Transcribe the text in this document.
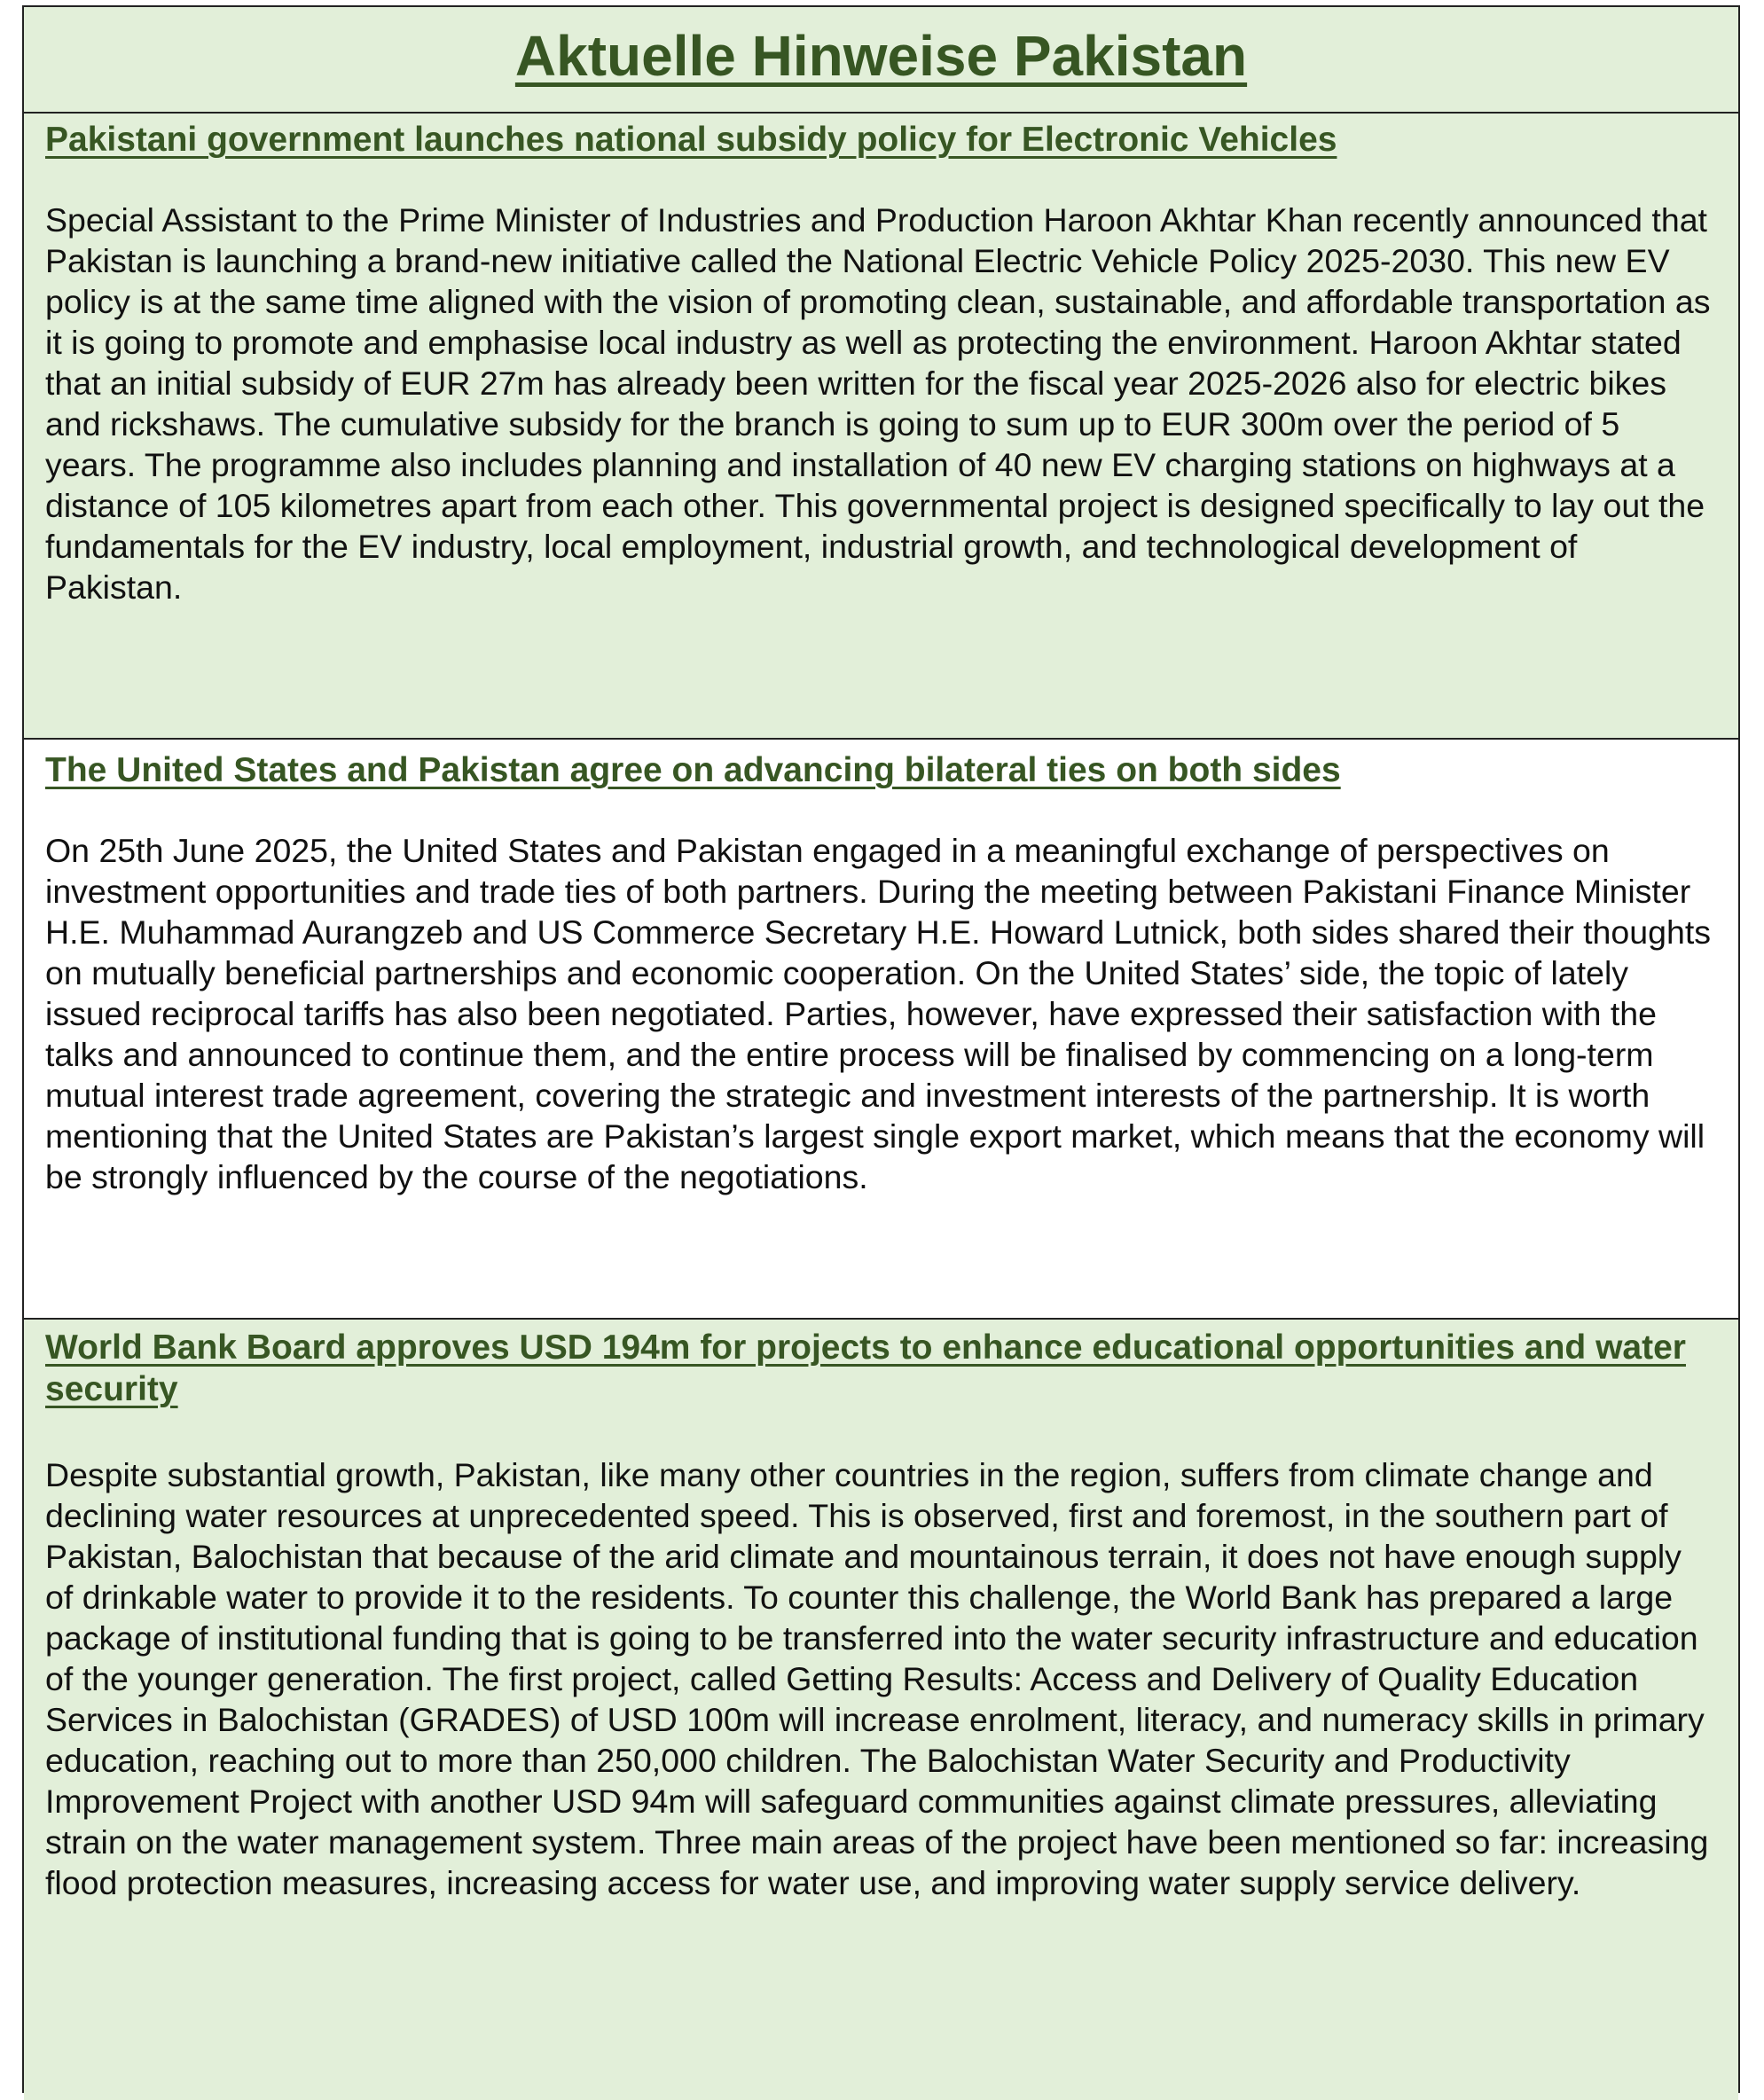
Aktuelle Hinweise Pakistan
Pakistani government launches national subsidy policy for Electronic Vehicles

Special Assistant to the Prime Minister of Industries and Production Haroon Akhtar Khan recently announced that Pakistan is launching a brand-new initiative called the National Electric Vehicle Policy 2025-2030. This new EV policy is at the same time aligned with the vision of promoting clean, sustainable, and affordable transportation as it is going to promote and emphasise local industry as well as protecting the environment. Haroon Akhtar stated that an initial subsidy of EUR 27m has already been written for the fiscal year 2025-2026 also for electric bikes and rickshaws. The cumulative subsidy for the branch is going to sum up to EUR 300m over the period of 5 years. The programme also includes planning and installation of 40 new EV charging stations on highways at a distance of 105 kilometres apart from each other. This governmental project is designed specifically to lay out the fundamentals for the EV industry, local employment, industrial growth, and technological development of Pakistan.

The United States and Pakistan agree on advancing bilateral ties on both sides

On 25th June 2025, the United States and Pakistan engaged in a meaningful exchange of perspectives on investment opportunities and trade ties of both partners. During the meeting between Pakistani Finance Minister H.E. Muhammad Aurangzeb and US Commerce Secretary H.E. Howard Lutnick, both sides shared their thoughts on mutually beneficial partnerships and economic cooperation. On the United States’ side, the topic of lately issued reciprocal tariffs has also been negotiated. Parties, however, have expressed their satisfaction with the talks and announced to continue them, and the entire process will be finalised by commencing on a long-term mutual interest trade agreement, covering the strategic and investment interests of the partnership. It is worth mentioning that the United States are Pakistan’s largest single export market, which means that the economy will be strongly influenced by the course of the negotiations.

World Bank Board approves USD 194m for projects to enhance educational opportunities and water security

Despite substantial growth, Pakistan, like many other countries in the region, suffers from climate change and declining water resources at unprecedented speed. This is observed, first and foremost, in the southern part of Pakistan, Balochistan that because of the arid climate and mountainous terrain, it does not have enough supply of drinkable water to provide it to the residents. To counter this challenge, the World Bank has prepared a large package of institutional funding that is going to be transferred into the water security infrastructure and education of the younger generation. The first project, called Getting Results: Access and Delivery of Quality Education Services in Balochistan (GRADES) of USD 100m will increase enrolment, literacy, and numeracy skills in primary education, reaching out to more than 250,000 children. The Balochistan Water Security and Productivity Improvement Project with another USD 94m will safeguard communities against climate pressures, alleviating strain on the water management system. Three main areas of the project have been mentioned so far: increasing flood protection measures, increasing access for water use, and improving water supply service delivery.
